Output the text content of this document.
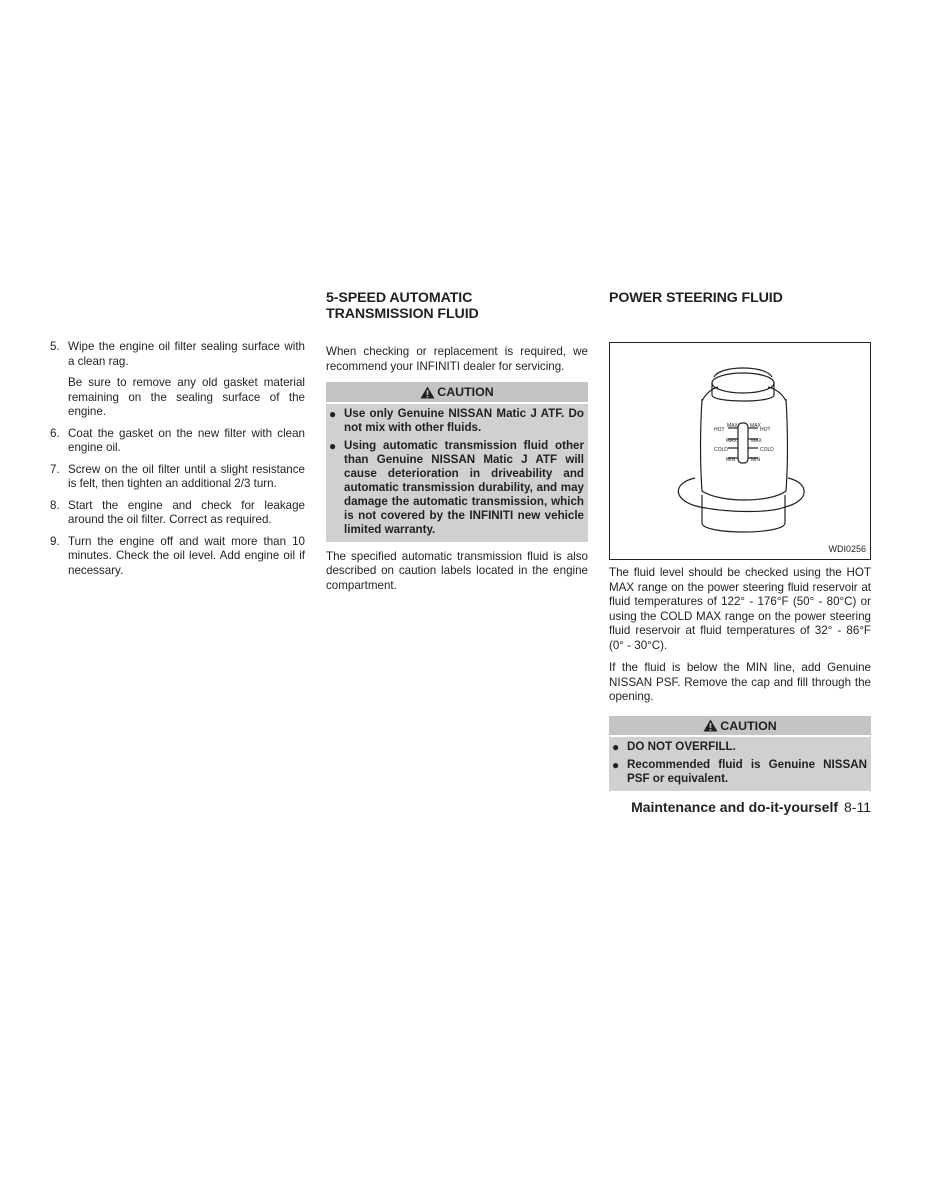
5. Wipe the engine oil filter sealing surface with a clean rag.

Be sure to remove any old gasket material remaining on the sealing surface of the engine.

6. Coat the gasket on the new filter with clean engine oil.

7. Screw on the oil filter until a slight resistance is felt, then tighten an additional 2/3 turn.

8. Start the engine and check for leakage around the oil filter. Correct as required.

9. Turn the engine off and wait more than 10 minutes. Check the oil level. Add engine oil if necessary.

5-SPEED AUTOMATIC
TRANSMISSION FLUID

When checking or replacement is required, we recommend your INFINITI dealer for servicing.

CAUTION
● Use only Genuine NISSAN Matic J ATF. Do not mix with other fluids.
● Using automatic transmission fluid other than Genuine NISSAN Matic J ATF will cause deterioration in driveability and automatic transmission durability, and may damage the automatic transmission, which is not covered by the INFINITI new vehicle limited warranty.

The specified automatic transmission fluid is also described on caution labels located in the engine compartment.

POWER STEERING FLUID
HOT
MAX MAX
HOT
MAX	MAX
COLD	COLD
MIN	MIN
WDI0256

The fluid level should be checked using the HOT MAX range on the power steering fluid reservoir at fluid temperatures of 122° - 176°F (50° - 80°C) or using the COLD MAX range on the power steering fluid reservoir at fluid temperatures of 32° - 86°F (0° - 30°C).

If the fluid is below the MIN line, add Genuine NISSAN PSF. Remove the cap and fill through the opening.

CAUTION
● DO NOT OVERFILL.
● Recommended fluid is Genuine NISSAN PSF or equivalent.
Maintenance and do-it-yourself 8-11
